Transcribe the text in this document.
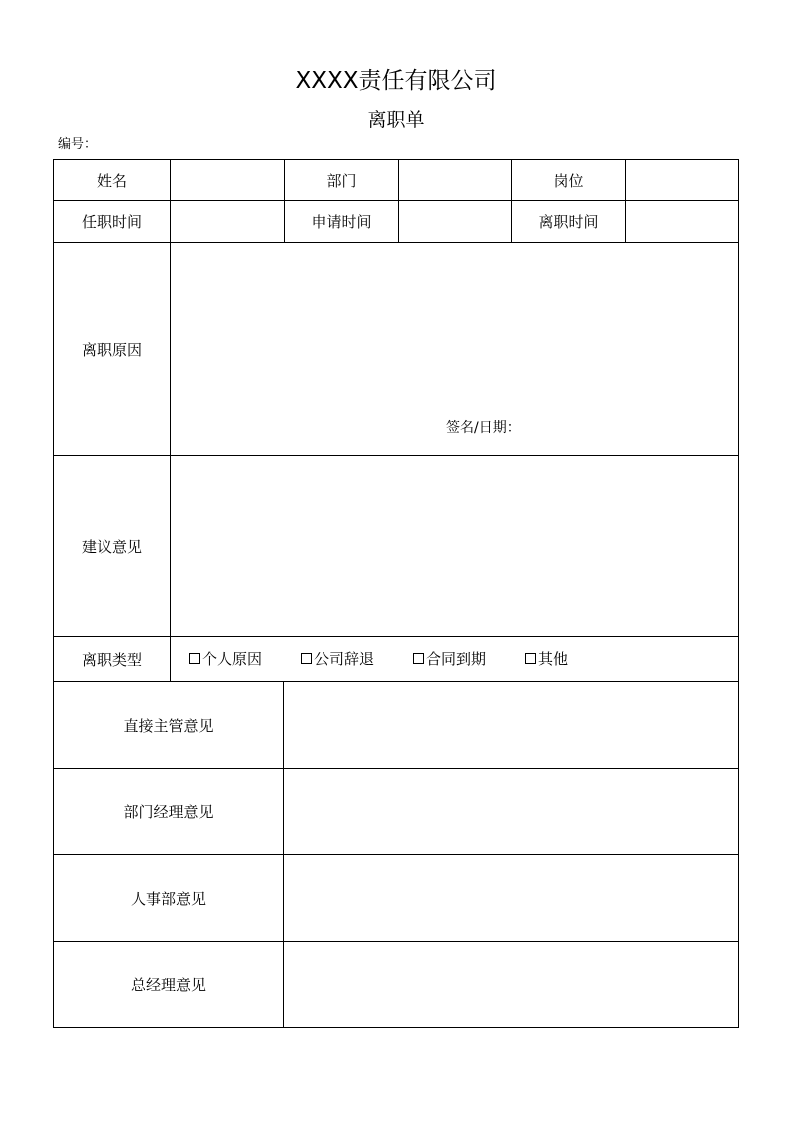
XXXX责任有限公司
离职单
编号：
姓名	部门	岗位
任职时间	申请时间	离职时间
离职原因
签名/日期：
建议意见
离职类型	个人原因	公司辞退	合同到期	其他
直接主管意见
部门经理意见
人事部意见
总经理意见
